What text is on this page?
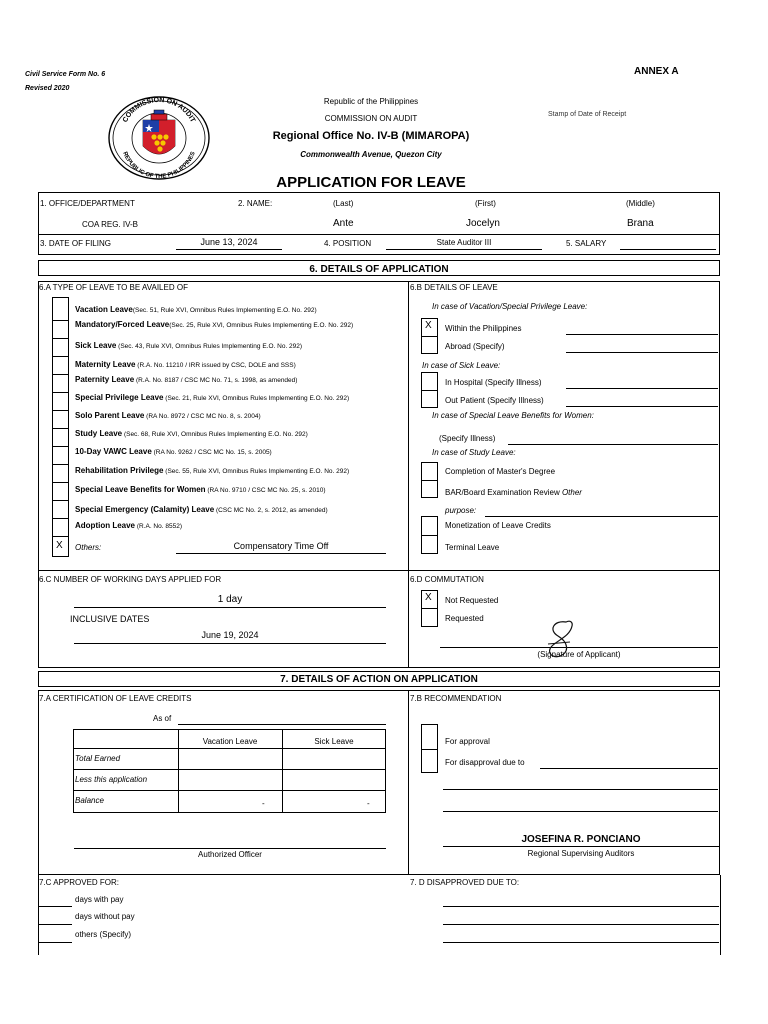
Civil Service Form No. 6
Revised 2020
ANNEX A
COMMISSION ON AUDIT
REPUBLIC OF THE PHILIPPINES
Republic of the Philippines
COMMISSION ON AUDIT
Regional Office No. IV-B (MIMAROPA)
Commonwealth Avenue, Quezon City
Stamp of Date of Receipt
APPLICATION FOR LEAVE
1. OFFICE/DEPARTMENT
COA REG. IV-B
2. NAME:	(Last)	(First)	(Middle)
Ante	Jocelyn	Brana
3. DATE OF FILING	June 13, 2024	4. POSITION	State Auditor III	5. SALARY
6. DETAILS OF APPLICATION
6.A TYPE OF LEAVE TO BE AVAILED OF
Vacation Leave(Sec. 51, Rule XVI, Omnibus Rules Implementing E.O. No. 292)
Mandatory/Forced Leave(Sec. 25, Rule XVI, Omnibus Rules Implementing E.O. No. 292)
Sick Leave (Sec. 43, Rule XVI, Omnibus Rules Implementing E.O. No. 292)
Maternity Leave (R.A. No. 11210 / IRR issued by CSC, DOLE and SSS)
Paternity Leave (R.A. No. 8187 / CSC MC No. 71, s. 1998, as amended)
Special Privilege Leave (Sec. 21, Rule XVI, Omnibus Rules Implementing E.O. No. 292)
Solo Parent Leave (RA No. 8972 / CSC MC No. 8, s. 2004)
Study Leave (Sec. 68, Rule XVI, Omnibus Rules Implementing E.O. No. 292)
10-Day VAWC Leave (RA No. 9262 / CSC MC No. 15, s. 2005)
Rehabilitation Privilege (Sec. 55, Rule XVI, Omnibus Rules Implementing E.O. No. 292)
Special Leave Benefits for Women (RA No. 9710 / CSC MC No. 25, s. 2010)
Special Emergency (Calamity) Leave (CSC MC No. 2, s. 2012, as amended)
Adoption Leave (R.A. No. 8552)
X Others:	Compensatory Time Off
6.B DETAILS OF LEAVE
In case of Vacation/Special Privilege Leave:
X Within the Philippines
Abroad (Specify)
In case of Sick Leave:
In Hospital (Specify Illness)
Out Patient (Specify Illness)
In case of Special Leave Benefits for Women:
(Specify Illness)
In case of Study Leave:
Completion of Master's Degree
BAR/Board Examination Review Other
purpose:
Monetization of Leave Credits
Terminal Leave
6.C NUMBER OF WORKING DAYS APPLIED FOR
1 day
INCLUSIVE DATES
June 19, 2024
6.D COMMUTATION
X Not Requested
Requested
(Signature of Applicant)
7. DETAILS OF ACTION ON APPLICATION
7.A CERTIFICATION OF LEAVE CREDITS
As of
Vacation Leave	Sick Leave
Total Earned
Less this application
Balance	-	-
Authorized Officer
7.B RECOMMENDATION
For approval
For disapproval due to
JOSEFINA R. PONCIANO
Regional Supervising Auditors
7.C APPROVED FOR:
days with pay
days without pay
others (Specify)
7. D DISAPPROVED DUE TO:
